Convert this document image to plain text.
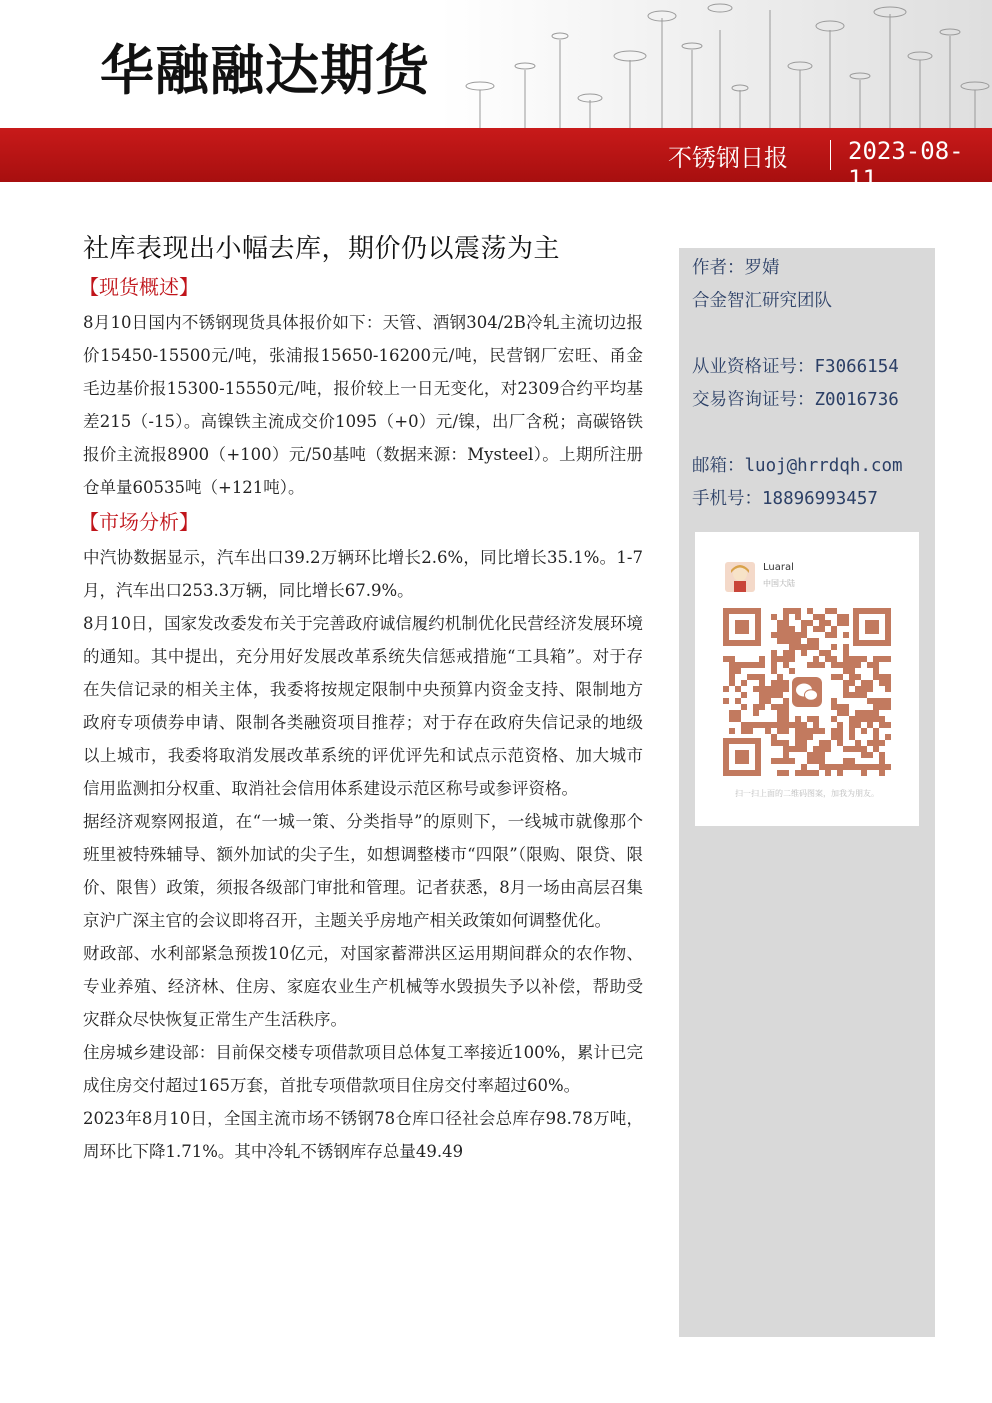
华融融达期货
不锈钢日报	2023-08-11
社库表现出小幅去库，期价仍以震荡为主
【现货概述】

8月10日国内不锈钢现货具体报价如下：天管、酒钢304/2B冷轧主流切边报价15450-15500元/吨，张浦报15650-16200元/吨，民营钢厂宏旺、甬金毛边基价报15300-15550元/吨，报价较上一日无变化，对2309合约平均基差215（-15）。高镍铁主流成交价1095（+0）元/镍，出厂含税；高碳铬铁报价主流报8900（+100）元/50基吨（数据来源：Mysteel）。上期所注册仓单量60535吨（+121吨）。

【市场分析】

中汽协数据显示，汽车出口39.2万辆环比增长2.6%，同比增长35.1%。1-7月，汽车出口253.3万辆，同比增长67.9%。

8月10日，国家发改委发布关于完善政府诚信履约机制优化民营经济发展环境的通知。其中提出，充分用好发展改革系统失信惩戒措施“工具箱”。对于存在失信记录的相关主体，我委将按规定限制中央预算内资金支持、限制地方政府专项债券申请、限制各类融资项目推荐；对于存在政府失信记录的地级以上城市，我委将取消发展改革系统的评优评先和试点示范资格、加大城市信用监测扣分权重、取消社会信用体系建设示范区称号或参评资格。

据经济观察网报道，在“一城一策、分类指导”的原则下，一线城市就像那个班里被特殊辅导、额外加试的尖子生，如想调整楼市“四限”（限购、限贷、限价、限售）政策，须报各级部门审批和管理。记者获悉，8月一场由高层召集京沪广深主官的会议即将召开，主题关乎房地产相关政策如何调整优化。

财政部、水利部紧急预拨10亿元，对国家蓄滞洪区运用期间群众的农作物、专业养殖、经济林、住房、家庭农业生产机械等水毁损失予以补偿，帮助受灾群众尽快恢复正常生产生活秩序。

住房城乡建设部：目前保交楼专项借款项目总体复工率接近100%，累计已完成住房交付超过165万套，首批专项借款项目住房交付率超过60%。

2023年8月10日，全国主流市场不锈钢78仓库口径社会总库存98.78万吨，周环比下降1.71%。其中冷轧不锈钢库存总量49.49

作者：罗婧
合金智汇研究团队
从业资格证号：F3066154
交易咨询证号：Z0016736
邮箱：luoj@hrrdqh.com
手机号：18896993457
Luaral
中国大陆
扫一扫上面的二维码图案，加我为朋友。
